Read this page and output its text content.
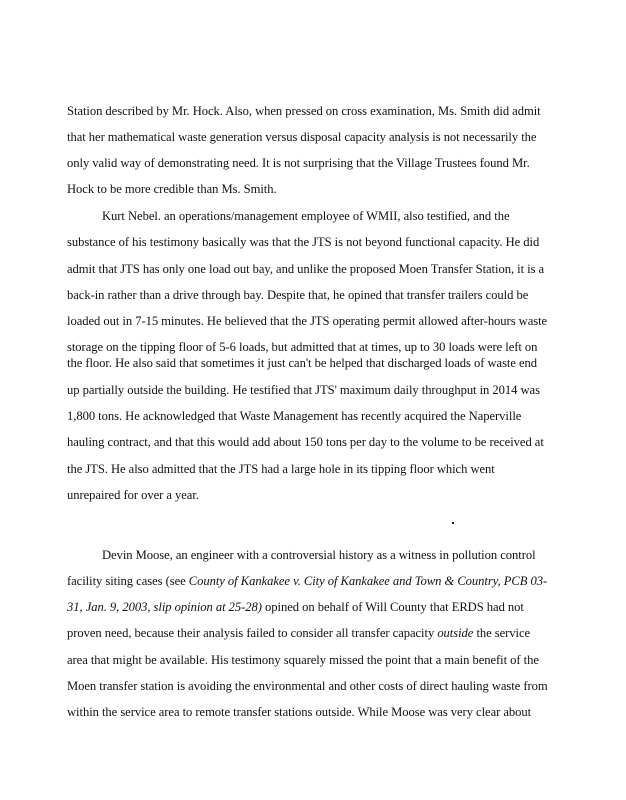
Station described by Mr. Hock. Also, when pressed on cross examination, Ms. Smith did admit
that her mathematical waste generation versus disposal capacity analysis is not necessarily the
only valid way of demonstrating need. It is not surprising that the Village Trustees found Mr.
Hock to be more credible than Ms. Smith.
Kurt Nebel. an operations/management employee of WMII, also testified, and the
substance of his testimony basically was that the JTS is not beyond functional capacity. He did
admit that JTS has only one load out bay, and unlike the proposed Moen Transfer Station, it is a
back-in rather than a drive through bay. Despite that, he opined that transfer trailers could be
loaded out in 7-15 minutes. He believed that the JTS operating permit allowed after-hours waste
storage on the tipping floor of 5-6 loads, but admitted that at times, up to 30 loads were left on
the floor. He also said that sometimes it just can't be helped that discharged loads of waste end
up partially outside the building. He testified that JTS' maximum daily throughput in 2014 was
1,800 tons. He acknowledged that Waste Management has recently acquired the Naperville
hauling contract, and that this would add about 150 tons per day to the volume to be received at
the JTS. He also admitted that the JTS had a large hole in its tipping floor which went
unrepaired for over a year.
Devin Moose, an engineer with a controversial history as a witness in pollution control
facility siting cases (see County of Kankakee v. City of Kankakee and Town & Country, PCB 03-
31, Jan. 9, 2003, slip opinion at 25-28) opined on behalf of Will County that ERDS had not
proven need, because their analysis failed to consider all transfer capacity outside the service
area that might be available. His testimony squarely missed the point that a main benefit of the
Moen transfer station is avoiding the environmental and other costs of direct hauling waste from
within the service area to remote transfer stations outside. While Moose was very clear about
